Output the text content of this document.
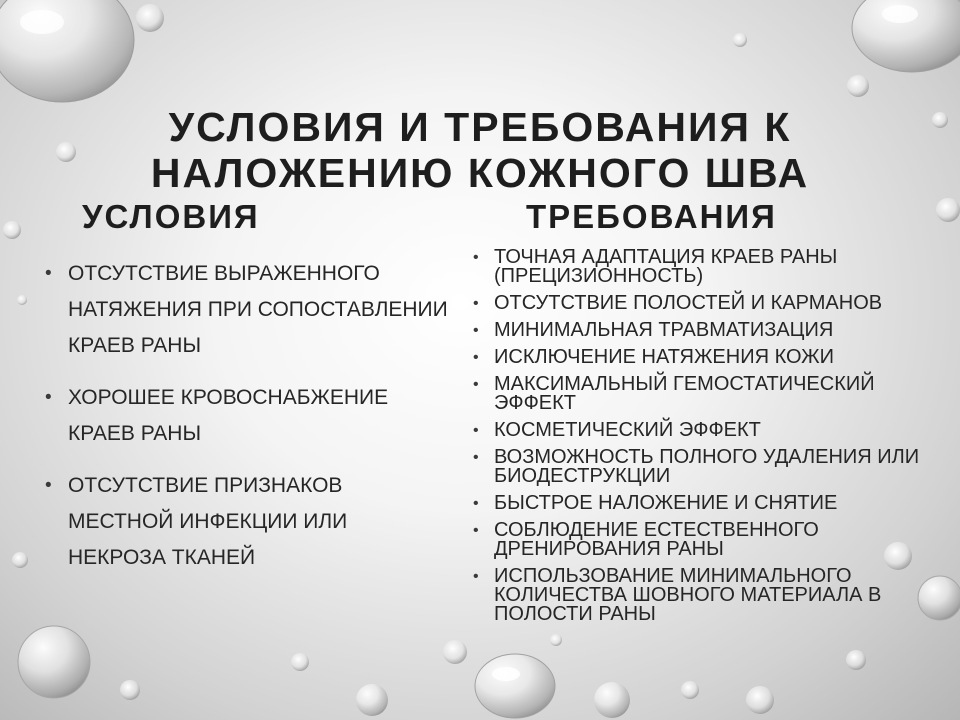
УСЛОВИЯ И ТРЕБОВАНИЯ К НАЛОЖЕНИЮ КОЖНОГО ШВА
УСЛОВИЯ	ТРЕБОВАНИЯ
• ОТСУТСТВИЕ ВЫРАЖЕННОГО НАТЯЖЕНИЯ ПРИ СОПОСТАВЛЕНИИ КРАЕВ РАНЫ
• ХОРОШЕЕ КРОВОСНАБЖЕНИЕ КРАЕВ РАНЫ
• ОТСУТСТВИЕ ПРИЗНАКОВ МЕСТНОЙ ИНФЕКЦИИ ИЛИ НЕКРОЗА ТКАНЕЙ
• ТОЧНАЯ АДАПТАЦИЯ КРАЕВ РАНЫ (ПРЕЦИЗИОННОСТЬ)
• ОТСУТСТВИЕ ПОЛОСТЕЙ И КАРМАНОВ
• МИНИМАЛЬНАЯ ТРАВМАТИЗАЦИЯ
• ИСКЛЮЧЕНИЕ НАТЯЖЕНИЯ КОЖИ
• МАКСИМАЛЬНЫЙ ГЕМОСТАТИЧЕСКИЙ ЭФФЕКТ
• КОСМЕТИЧЕСКИЙ ЭФФЕКТ
• ВОЗМОЖНОСТЬ ПОЛНОГО УДАЛЕНИЯ ИЛИ БИОДЕСТРУКЦИИ
• БЫСТРОЕ НАЛОЖЕНИЕ И СНЯТИЕ
• СОБЛЮДЕНИЕ ЕСТЕСТВЕННОГО ДРЕНИРОВАНИЯ РАНЫ
• ИСПОЛЬЗОВАНИЕ МИНИМАЛЬНОГО КОЛИЧЕСТВА ШОВНОГО МАТЕРИАЛА В ПОЛОСТИ РАНЫ
